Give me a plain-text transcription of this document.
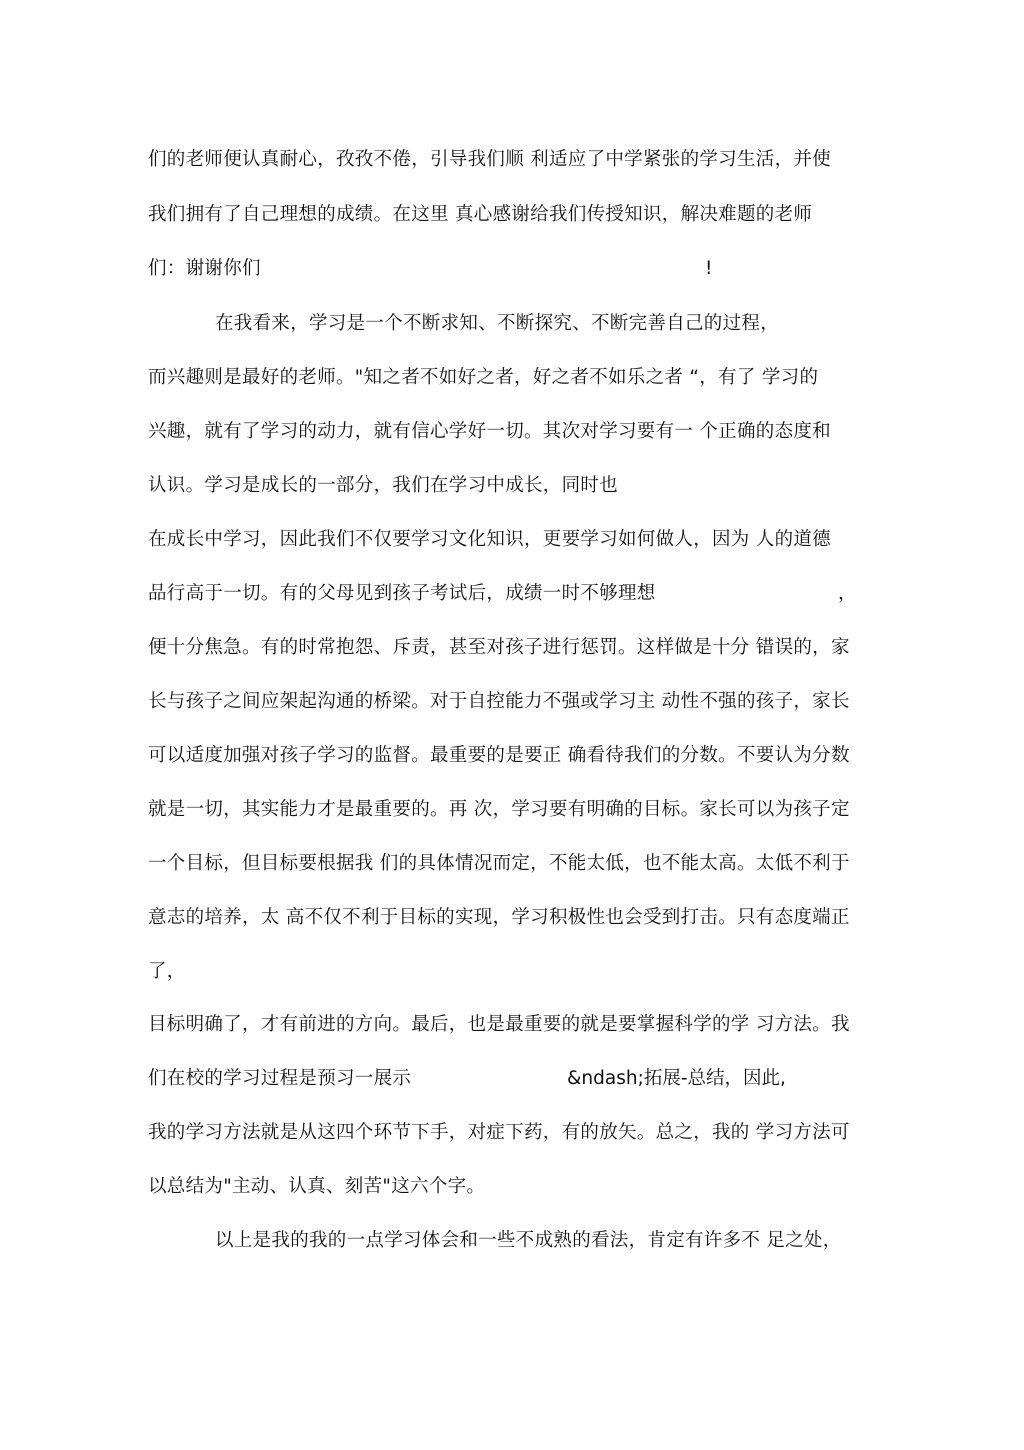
们的老师便认真耐心，孜孜不倦，引导我们顺 利适应了中学紧张的学习生活，并使
我们拥有了自己理想的成绩。在这里 真心感谢给我们传授知识，解决难题的老师
们：谢谢你们	!
在我看来，学习是一个不断求知、不断探究、不断完善自己的过程，
而兴趣则是最好的老师。"知之者不如好之者，好之者不如乐之者 “，有了 学习的
兴趣，就有了学习的动力，就有信心学好一切。其次对学习要有一 个正确的态度和
认识。学习是成长的一部分，我们在学习中成长，同时也
在成长中学习，因此我们不仅要学习文化知识，更要学习如何做人，因为 人的道德
品行高于一切。有的父母见到孩子考试后，成绩一时不够理想	，
便十分焦急。有的时常抱怨、斥责，甚至对孩子进行惩罚。这样做是十分 错误的，家
长与孩子之间应架起沟通的桥梁。对于自控能力不强或学习主 动性不强的孩子，家长
可以适度加强对孩子学习的监督。最重要的是要正 确看待我们的分数。不要认为分数
就是一切，其实能力才是最重要的。再 次，学习要有明确的目标。家长可以为孩子定
一个目标，但目标要根据我 们的具体情况而定，不能太低，也不能太高。太低不利于
意志的培养，太 高不仅不利于目标的实现，学习积极性也会受到打击。只有态度端正
了，
目标明确了，才有前进的方向。最后，也是最重要的就是要掌握科学的学 习方法。我
们在校的学习过程是预习一展示	&ndash;拓展-总结，因此,
我的学习方法就是从这四个环节下手，对症下药，有的放矢。总之，我的 学习方法可
以总结为"主动、认真、刻苦"这六个字。
以上是我的我的一点学习体会和一些不成熟的看法，肯定有许多不 足之处，
